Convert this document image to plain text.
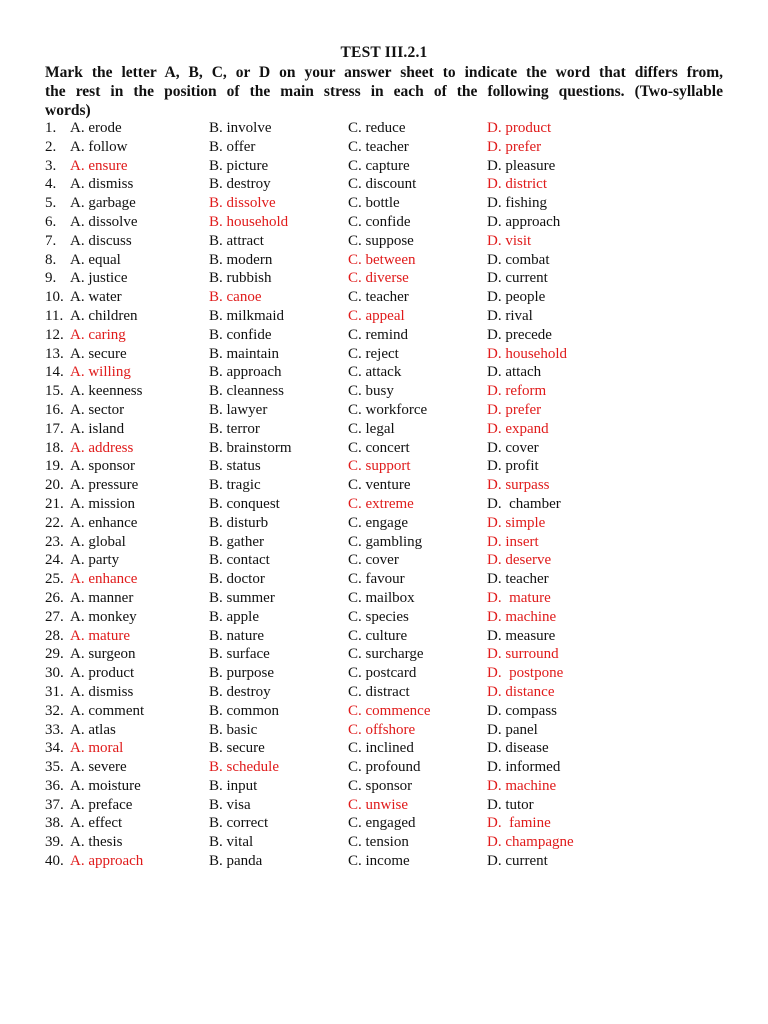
TEST III.2.1
Mark the letter A, B, C, or D on your answer sheet to indicate the word that differs from,
the rest in the position of the main stress in each of the following questions. (Two-syllable
words)
1. A. erode	B. involve	C. reduce	D. product
2. A. follow	B. offer	C. teacher	D. prefer
3. A. ensure	B. picture	C. capture	D. pleasure
4. A. dismiss	B. destroy	C. discount	D. district
5. A. garbage	B. dissolve	C. bottle	D. fishing
6. A. dissolve	B. household	C. confide	D. approach
7. A. discuss	B. attract	C. suppose	D. visit
8. A. equal	B. modern	C. between	D. combat
9. A. justice	B. rubbish	C. diverse	D. current
10. A. water	B. canoe	C. teacher	D. people
11. A. children	B. milkmaid	C. appeal	D. rival
12. A. caring	B. confide	C. remind	D. precede
13. A. secure	B. maintain	C. reject	D. household
14. A. willing	B. approach	C. attack	D. attach
15. A. keenness	B. cleanness	C. busy	D. reform
16. A. sector	B. lawyer	C. workforce	D. prefer
17. A. island	B. terror	C. legal	D. expand
18. A. address	B. brainstorm	C. concert	D. cover
19. A. sponsor	B. status	C. support	D. profit
20. A. pressure	B. tragic	C. venture	D. surpass
21. A. mission	B. conquest	C. extreme	D.  chamber
22. A. enhance	B. disturb	C. engage	D. simple
23. A. global	B. gather	C. gambling	D. insert
24. A. party	B. contact	C. cover	D. deserve
25. A. enhance	B. doctor	C. favour	D. teacher
26. A. manner	B. summer	C. mailbox	D.  mature
27. A. monkey	B. apple	C. species	D. machine
28. A. mature	B. nature	C. culture	D. measure
29. A. surgeon	B. surface	C. surcharge	D. surround
30. A. product	B. purpose	C. postcard	D.  postpone
31. A. dismiss	B. destroy	C. distract	D. distance
32. A. comment	B. common	C. commence	D. compass
33. A. atlas	B. basic	C. offshore	D. panel
34. A. moral	B. secure	C. inclined	D. disease
35. A. severe	B. schedule	C. profound	D. informed
36. A. moisture	B. input	C. sponsor	D. machine
37. A. preface	B. visa	C. unwise	D. tutor
38. A. effect	B. correct	C. engaged	D.  famine
39. A. thesis	B. vital	C. tension	D. champagne
40. A. approach	B. panda	C. income	D. current
